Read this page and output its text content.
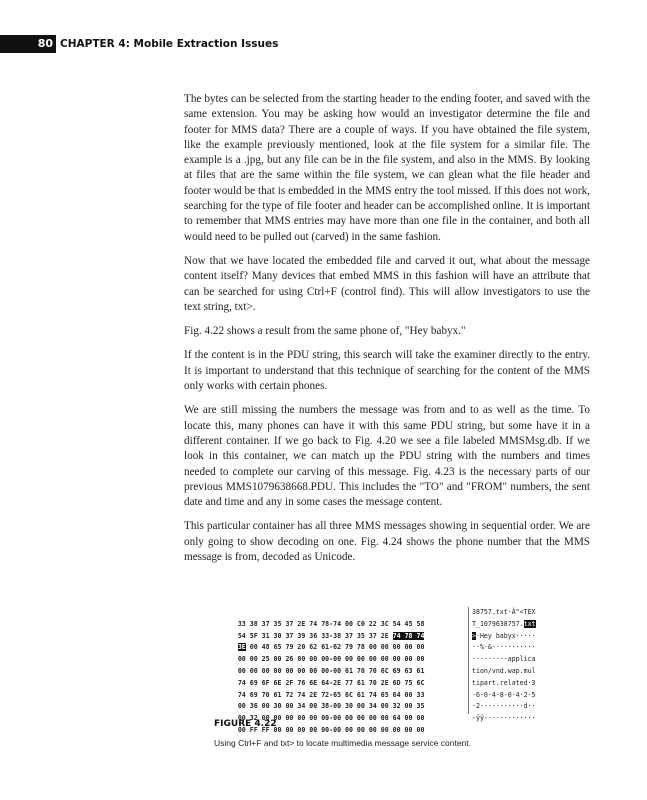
80 CHAPTER 4: Mobile Extraction Issues

The bytes can be selected from the starting header to the ending footer, and saved with the same extension. You may be asking how would an investigator determine the file and footer for MMS data? There are a couple of ways. If you have obtained the file system, like the example previously mentioned, look at the file system for a similar file. The example is a .jpg, but any file can be in the file system, and also in the MMS. By looking at files that are the same within the file system, we can glean what the file header and footer would be that is embedded in the MMS entry the tool missed. If this does not work, searching for the type of file footer and header can be accomplished online. It is important to remember that MMS entries may have more than one file in the container, and both all would need to be pulled out (carved) in the same fashion.

Now that we have located the embedded file and carved it out, what about the message content itself? Many devices that embed MMS in this fashion will have an attribute that can be searched for using Ctrl+F (control find). This will allow investigators to use the text string, txt>.

Fig. 4.22 shows a result from the same phone of, "Hey babyx."

If the content is in the PDU string, this search will take the examiner directly to the entry. It is important to understand that this technique of searching for the content of the MMS only works with certain phones.

We are still missing the numbers the message was from and to as well as the time. To locate this, many phones can have it with this same PDU string, but some have it in a different container. If we go back to Fig. 4.20 we see a file labeled MMSMsg.db. If we look in this container, we can match up the PDU string with the numbers and times needed to complete our carving of this message. Fig. 4.23 is the necessary parts of our previous MMS1079638668.PDU. This includes the "TO" and "FROM" numbers, the sent date and time and any in some cases the message content.

This particular container has all three MMS messages showing in sequential order. We are only going to show decoding on one. Fig. 4.24 shows the phone number that the MMS message is from, decoded as Unicode.

33 38 37 35 37 2E 74 78-74 00 C0 22 3C 54 45 58

54 5F 31 30 37 39 36 33-38 37 35 37 2E 74 78 74

3E 00 48 65 79 20 62 61-62 79 78 00 00 00 00 00

00 00 25 00 26 00 00 00-00 00 00 00 00 00 00 00

00 00 00 00 00 00 00 00-00 61 70 70 6C 69 63 61

74 69 6F 6E 2F 76 6E 64-2E 77 61 70 2E 6D 75 6C

74 69 70 61 72 74 2E 72-65 6C 61 74 65 64 00 33

00 36 00 30 00 34 00 38-00 30 00 34 00 32 00 35

00 32 00 00 00 00 00 00-00 00 00 00 00 64 00 00

00 FF FF 00 00 00 00 00-00 00 00 00 00 00 00 00

38757.txt·À"<TEX
T_1079638757.txt
>·Hey babyx·····
··%·&···········
·········applica
tion/vnd.wap.mul
tipart.related·3
·6·0·4·8·0·4·2·5
·2···········d··
·ÿÿ·············
FIGURE 4.22
Using Ctrl+F and txt> to locate multimedia message service content.
